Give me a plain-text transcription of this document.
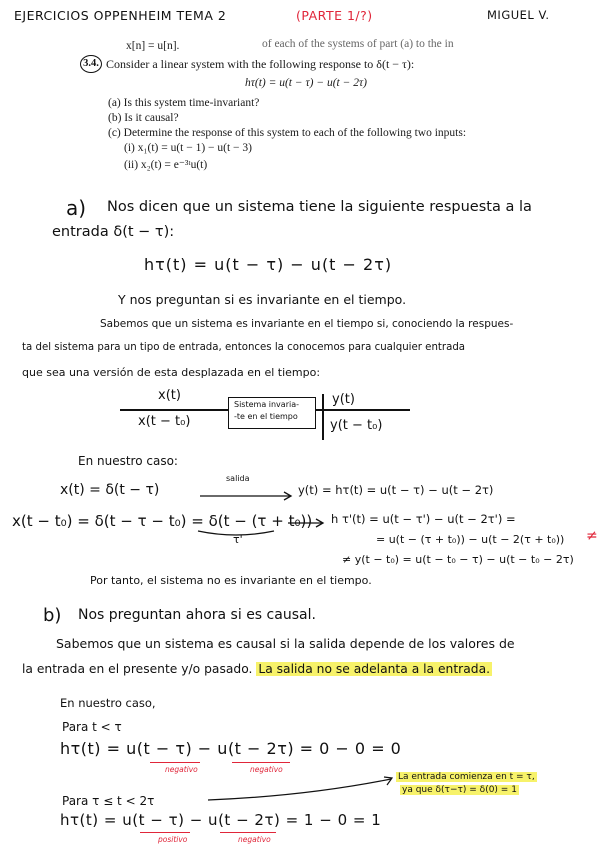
EJERCICIOS OPPENHEIM TEMA 2	(PARTE 1/?)	MIGUEL V.
x[n] = u[n].	of each of the systems of part (a) to the in
3.4. Consider a linear system with the following response to δ(t − τ):
hτ(t) = u(t − τ) − u(t − 2τ)
(a) Is this system time-invariant?
(b) Is it causal?
(c) Determine the response of this system to each of the following two inputs:
(i) x₁(t) = u(t − 1) − u(t − 3)
(ii) x₂(t) = e⁻³ᵗu(t)
a) Nos dicen que un sistema tiene la siguiente respuesta a la
entrada δ(t − τ):
hτ(t) = u(t − τ) − u(t − 2τ)
Y nos preguntan si es invariante en el tiempo.
Sabemos que un sistema es invariante en el tiempo si, conociendo la respues-
ta del sistema para un tipo de entrada, entonces la conocemos para cualquier entrada
que sea una versión de esta desplazada en el tiempo:
x(t)
x(t − t₀)
Sistema invaria-
-te en el tiempo
y(t)
y(t − t₀)
En nuestro caso:
x(t) = δ(t − τ)
salida
y(t) = hτ(t) = u(t − τ) − u(t − 2τ)
x(t − t₀) = δ(t − τ − t₀) = δ(t − (τ + t₀))
τ'
h τ'(t) = u(t − τ') − u(t − 2τ') =
= u(t − (τ + t₀)) − u(t − 2(τ + t₀)) ≠
≠ y(t − t₀) = u(t − t₀ − τ) − u(t − t₀ − 2τ)
Por tanto, el sistema no es invariante en el tiempo.
b) Nos preguntan ahora si es causal.
Sabemos que un sistema es causal si la salida depende de los valores de
la entrada en el presente y/o pasado. La salida no se adelanta a la entrada.
En nuestro caso,
Para t < τ
hτ(t) = u(t − τ) − u(t − 2τ) = 0 − 0 = 0
negativo	negativo
La entrada comienza en t = τ,
ya que δ(τ−τ) = δ(0) = 1
Para τ ≤ t < 2τ
hτ(t) = u(t − τ) − u(t − 2τ) = 1 − 0 = 1
positivo	negativo
